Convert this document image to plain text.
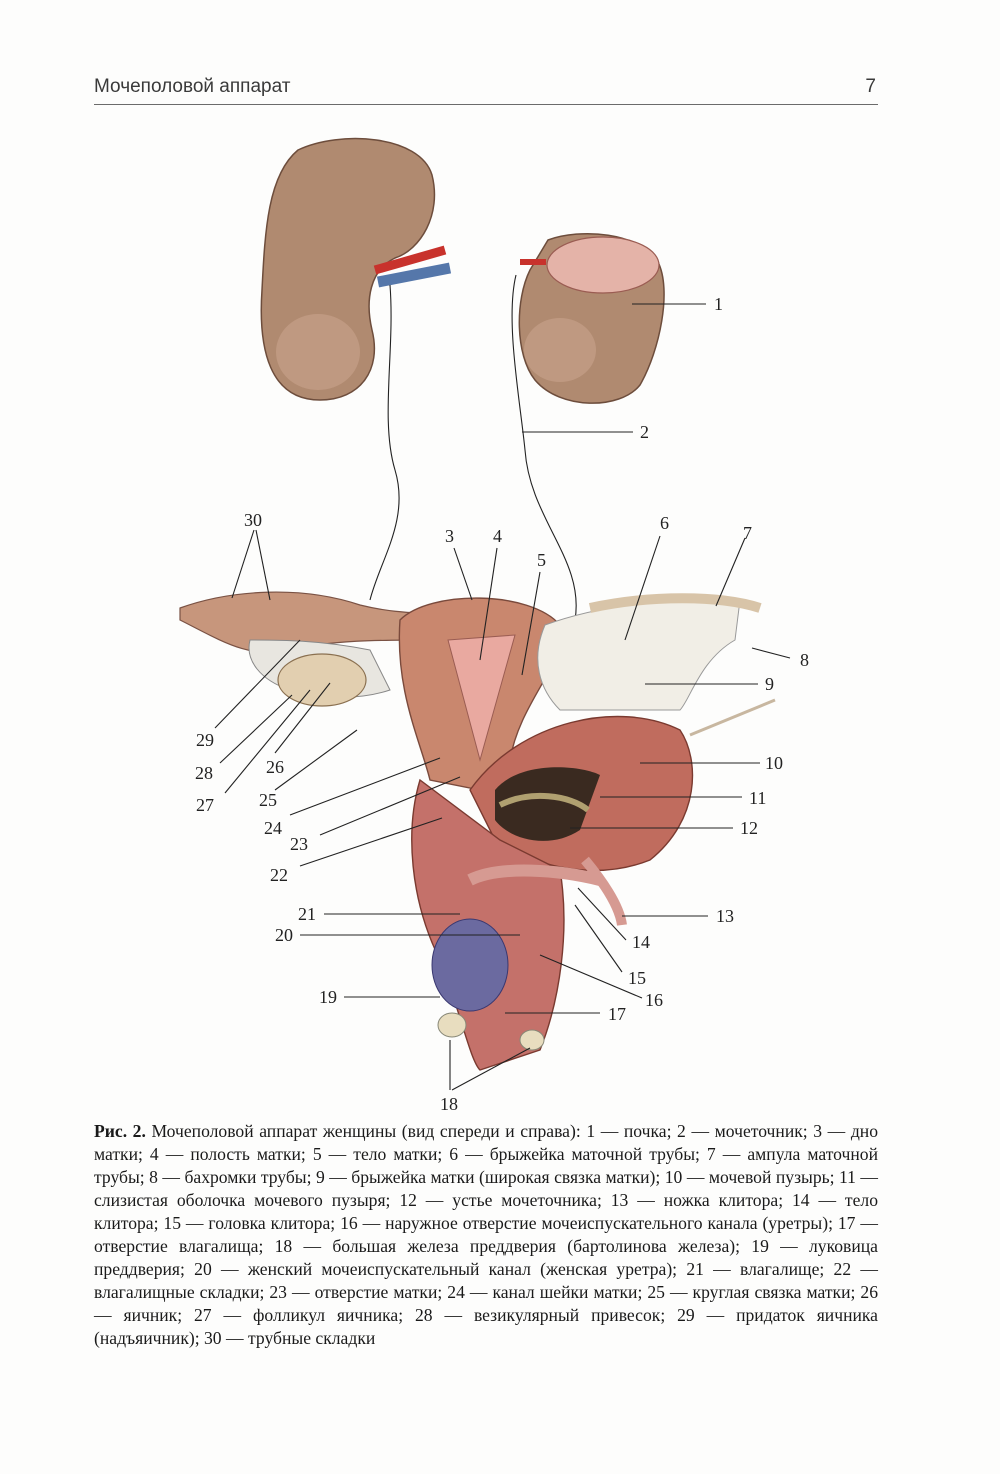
Мочеполовой аппарат	7
1
2
3 4
5
6	7
8
9
10
11
12
13
14
15
16
17
18
19
20
21
22
23
24
25
26
27
28
29
30
Рис. 2. Мочеполовой аппарат женщины (вид спереди и справа): 1 — почка; 2 — мочеточник; 3 — дно матки; 4 — полость матки; 5 — тело матки; 6 — брыжейка маточной трубы; 7 — ампула маточной трубы; 8 — бахромки трубы; 9 — брыжейка матки (широкая связка матки); 10 — мочевой пузырь; 11 — слизистая оболочка мочевого пузыря; 12 — устье мочеточника; 13 — ножка клитора; 14 — тело клитора; 15 — головка клитора; 16 — наружное отверстие мочеиспускательного канала (уретры); 17 — отверстие влагалища; 18 — большая железа преддверия (бартолинова железа); 19 — луковица преддверия; 20 — женский мочеиспускательный канал (женская уретра); 21 — влагалище; 22 — влагалищные складки; 23 — отверстие матки; 24 — канал шейки матки; 25 — круглая связка матки; 26 — яичник; 27 — фолликул яичника; 28 — везикулярный привесок; 29 — придаток яичника (надъяичник); 30 — трубные складки
